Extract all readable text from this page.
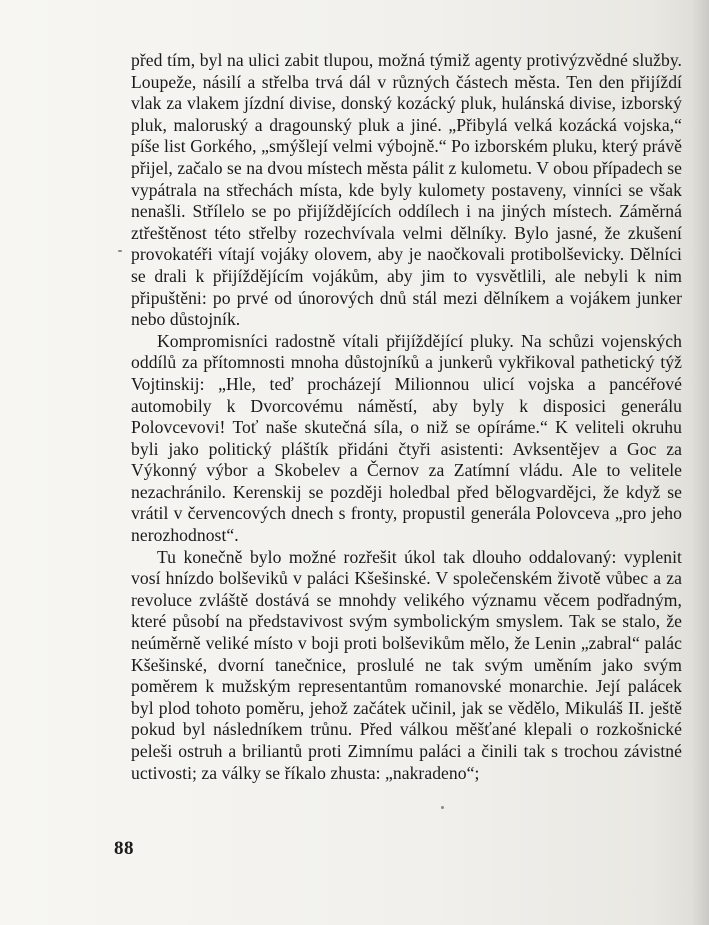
před tím, byl na ulici zabit tlupou, možná týmiž agenty protivýzvědné služby. Loupeže, násilí a střelba trvá dál v různých částech města. Ten den přijíždí vlak za vlakem jízdní divise, donský kozácký pluk, hulánská divise, izborský pluk, maloruský a dragounský pluk a jiné. „Přibylá velká kozácká vojska,“ píše list Gorkého, „smýšlejí velmi výbojně.“ Po izborském pluku, který právě přijel, začalo se na dvou místech města pálit z kulometu. V obou případech se vypátrala na střechách místa, kde byly kulomety postaveny, vinníci se však nenašli. Střílelo se po přijíždějících oddílech i na jiných místech. Záměrná ztřeštěnost této střelby rozechvívala velmi dělníky. Bylo jasné, že zkušení provokatéři vítají vojáky olovem, aby je naočkovali protibolševicky. Dělníci se drali k přijíždějícím vojákům, aby jim to vysvětlili, ale nebyli k nim připuštěni: po prvé od únorových dnů stál mezi dělníkem a vojákem junker nebo důstojník.

Kompromisníci radostně vítali přijíždějící pluky. Na schůzi vojenských oddílů za přítomnosti mnoha důstojníků a junkerů vykřikoval pathetický týž Vojtinskij: „Hle, teď procházejí Milionnou ulicí vojska a pancéřové automobily k Dvorcovému náměstí, aby byly k disposici generálu Polovcevovi! Toť naše skutečná síla, o niž se opíráme.“ K veliteli okruhu byli jako politický pláštík přidáni čtyři asistenti: Avksentějev a Goc za Výkonný výbor a Skobelev a Černov za Zatímní vládu. Ale to velitele nezachránilo. Kerenskij se později holedbal před bělogvardějci, že když se vrátil v červencových dnech s fronty, propustil generála Polovceva „pro jeho nerozhodnost“.

Tu konečně bylo možné rozřešit úkol tak dlouho oddalovaný: vyplenit vosí hnízdo bolševiků v paláci Kšešinské. V společenském životě vůbec a za revoluce zvláště dostává se mnohdy velikého významu věcem podřadným, které působí na představivost svým symbolickým smyslem. Tak se stalo, že neúměrně veliké místo v boji proti bolševikům mělo, že Lenin „zabral“ palác Kšešinské, dvorní tanečnice, proslulé ne tak svým uměním jako svým poměrem k mužským representantům romanovské monarchie. Její palácek byl plod tohoto poměru, jehož začátek učinil, jak se vědělo, Mikuláš II. ještě pokud byl následníkem trůnu. Před válkou měšťané klepali o rozkošnické peleši ostruh a briliantů proti Zimnímu paláci a činili tak s trochou závistné uctivosti; za války se říkalo zhusta: „nakradeno“;

88
